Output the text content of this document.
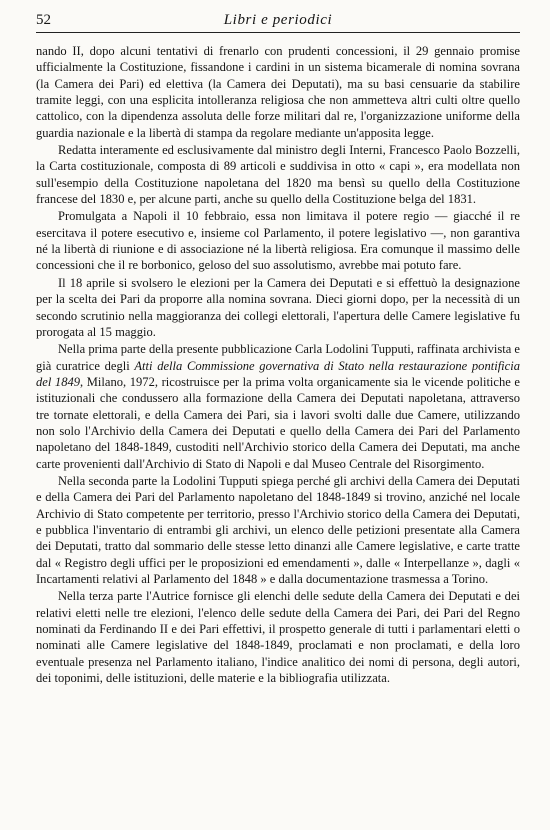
52	Libri e periodici

nando II, dopo alcuni tentativi di frenarlo con prudenti concessioni, il 29 gennaio promise ufficialmente la Costituzione, fissandone i cardini in un sistema bicamerale di nomina sovrana (la Camera dei Pari) ed elettiva (la Camera dei Deputati), ma su basi censuarie da stabilire tramite leggi, con una esplicita intolleranza religiosa che non ammetteva altri culti oltre quello cattolico, con la dipendenza assoluta delle forze militari dal re, l'organizzazione uniforme della guardia nazionale e la libertà di stampa da regolare mediante un'apposita legge.

Redatta interamente ed esclusivamente dal ministro degli Interni, Francesco Paolo Bozzelli, la Carta costituzionale, composta di 89 articoli e suddivisa in otto « capi », era modellata non sull'esempio della Costituzione napoletana del 1820 ma bensì su quello della Costituzione francese del 1830 e, per alcune parti, anche su quello della Costituzione belga del 1831.

Promulgata a Napoli il 10 febbraio, essa non limitava il potere regio — giacché il re esercitava il potere esecutivo e, insieme col Parlamento, il potere legislativo —, non garantiva né la libertà di riunione e di associazione né la libertà religiosa. Era comunque il massimo delle concessioni che il re borbonico, geloso del suo assolutismo, avrebbe mai potuto fare.

Il 18 aprile si svolsero le elezioni per la Camera dei Deputati e si effettuò la designazione per la scelta dei Pari da proporre alla nomina sovrana. Dieci giorni dopo, per la necessità di un secondo scrutinio nella maggioranza dei collegi elettorali, l'apertura delle Camere legislative fu prorogata al 15 maggio.

Nella prima parte della presente pubblicazione Carla Lodolini Tupputi, raffinata archivista e già curatrice degli Atti della Commissione governativa di Stato nella restaurazione pontificia del 1849, Milano, 1972, ricostruisce per la prima volta organicamente sia le vicende politiche e istituzionali che condussero alla formazione della Camera dei Deputati napoletana, attraverso tre tornate elettorali, e della Camera dei Pari, sia i lavori svolti dalle due Camere, utilizzando non solo l'Archivio della Camera dei Deputati e quello della Camera dei Pari del Parlamento napoletano del 1848-1849, custoditi nell'Archivio storico della Camera dei Deputati, ma anche carte provenienti dall'Archivio di Stato di Napoli e dal Museo Centrale del Risorgimento.

Nella seconda parte la Lodolini Tupputi spiega perché gli archivi della Camera dei Deputati e della Camera dei Pari del Parlamento napoletano del 1848-1849 si trovino, anziché nel locale Archivio di Stato competente per territorio, presso l'Archivio storico della Camera dei Deputati, e pubblica l'inventario di entrambi gli archivi, un elenco delle petizioni presentate alla Camera dei Deputati, tratto dal sommario delle stesse letto dinanzi alle Camere legislative, e carte tratte dal « Registro degli uffici per le proposizioni ed emendamenti », dalle « Interpellanze », dagli « Incartamenti relativi al Parlamento del 1848 » e dalla documentazione trasmessa a Torino.

Nella terza parte l'Autrice fornisce gli elenchi delle sedute della Camera dei Deputati e dei relativi eletti nelle tre elezioni, l'elenco delle sedute della Camera dei Pari, dei Pari del Regno nominati da Ferdinando II e dei Pari effettivi, il prospetto generale di tutti i parlamentari eletti o nominati alle Camere legislative del 1848-1849, proclamati e non proclamati, e della loro eventuale presenza nel Parlamento italiano, l'indice analitico dei nomi di persona, degli autori, dei toponimi, delle istituzioni, delle materie e la bibliografia utilizzata.
